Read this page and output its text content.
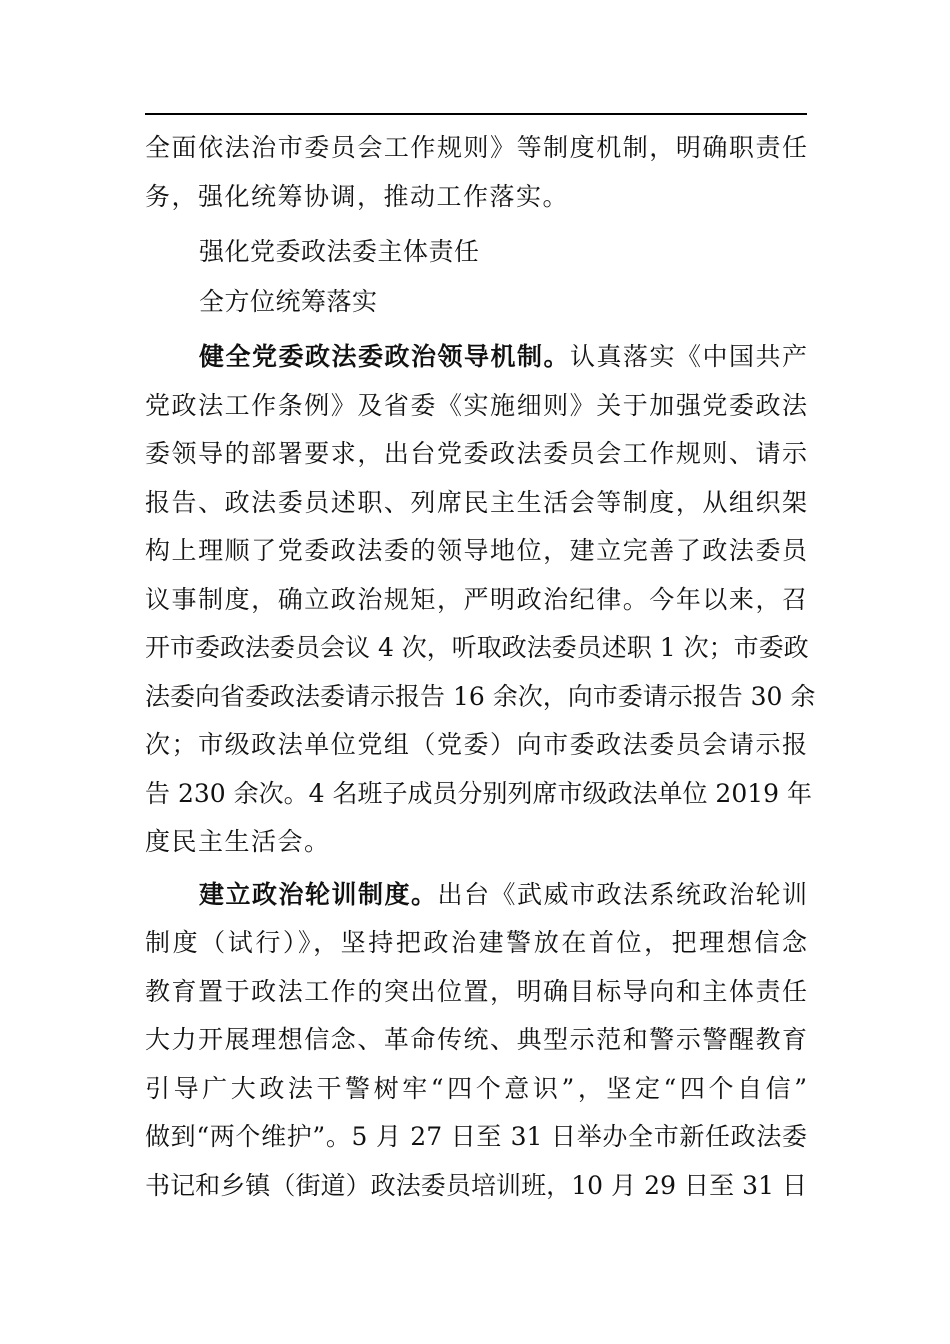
全面依法治市委员会工作规则》等制度机制，明确职责任
务，强化统筹协调，推动工作落实。
强化党委政法委主体责任
全方位统筹落实
健全党委政法委政治领导机制。认真落实《中国共产
党政法工作条例》及省委《实施细则》关于加强党委政法
委领导的部署要求，出台党委政法委员会工作规则、请示
报告、政法委员述职、列席民主生活会等制度，从组织架
构上理顺了党委政法委的领导地位，建立完善了政法委员
议事制度，确立政治规矩，严明政治纪律。今年以来，召
开市委政法委员会议 4 次，听取政法委员述职 1 次；市委政
法委向省委政法委请示报告 16 余次，向市委请示报告 30 余
次；市级政法单位党组（党委）向市委政法委员会请示报
告 230 余次。4 名班子成员分别列席市级政法单位 2019 年
度民主生活会。
建立政治轮训制度。出台《武威市政法系统政治轮训
制度（试行）》，坚持把政治建警放在首位，把理想信念
教育置于政法工作的突出位置，明确目标导向和主体责任
大力开展理想信念、革命传统、典型示范和警示警醒教育
引导广大政法干警树牢“四个意识”，坚定“四个自信”
做到“两个维护”。5 月 27 日至 31 日举办全市新任政法委
书记和乡镇（街道）政法委员培训班，10 月 29 日至 31 日
